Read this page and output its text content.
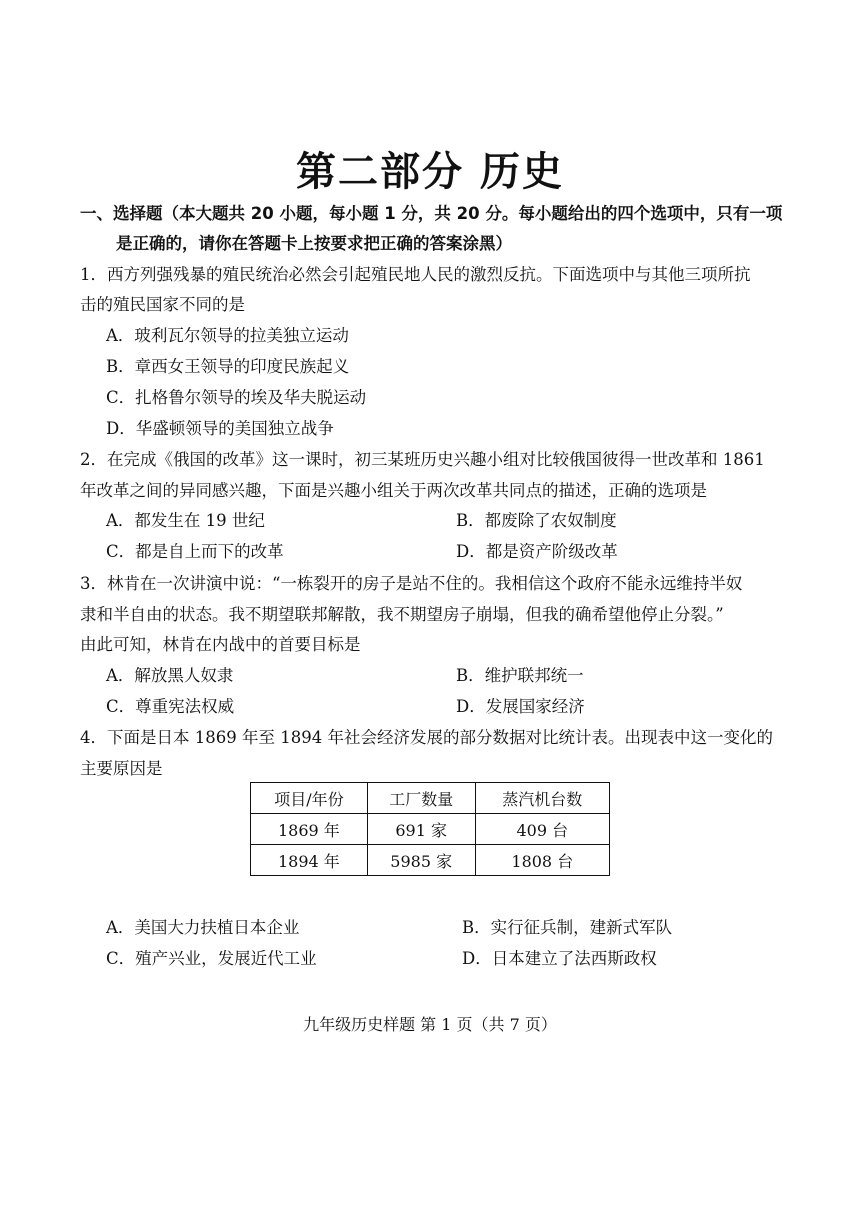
第二部分 历史
一、选择题（本大题共 20 小题，每小题 1 分，共 20 分。每小题给出的四个选项中，只有一项
是正确的，请你在答题卡上按要求把正确的答案涂黑）
1．西方列强残暴的殖民统治必然会引起殖民地人民的激烈反抗。下面选项中与其他三项所抗
击的殖民国家不同的是
A．玻利瓦尔领导的拉美独立运动
B．章西女王领导的印度民族起义
C．扎格鲁尔领导的埃及华夫脱运动
D．华盛顿领导的美国独立战争
2．在完成《俄国的改革》这一课时，初三某班历史兴趣小组对比较俄国彼得一世改革和 1861
年改革之间的异同感兴趣，下面是兴趣小组关于两次改革共同点的描述，正确的选项是
A．都发生在 19 世纪	B．都废除了农奴制度
C．都是自上而下的改革	D．都是资产阶级改革
3．林肯在一次讲演中说：“一栋裂开的房子是站不住的。我相信这个政府不能永远维持半奴
隶和半自由的状态。我不期望联邦解散，我不期望房子崩塌，但我的确希望他停止分裂。”
由此可知，林肯在内战中的首要目标是
A．解放黑人奴隶	B．维护联邦统一
C．尊重宪法权威	D．发展国家经济
4．下面是日本 1869 年至 1894 年社会经济发展的部分数据对比统计表。出现表中这一变化的
主要原因是
项目/年份	工厂数量	蒸汽机台数
1869 年	691 家	409 台
1894 年	5985 家	1808 台
A．美国大力扶植日本企业	B．实行征兵制，建新式军队
C．殖产兴业，发展近代工业	D．日本建立了法西斯政权
九年级历史样题 第 1 页（共 7 页）
